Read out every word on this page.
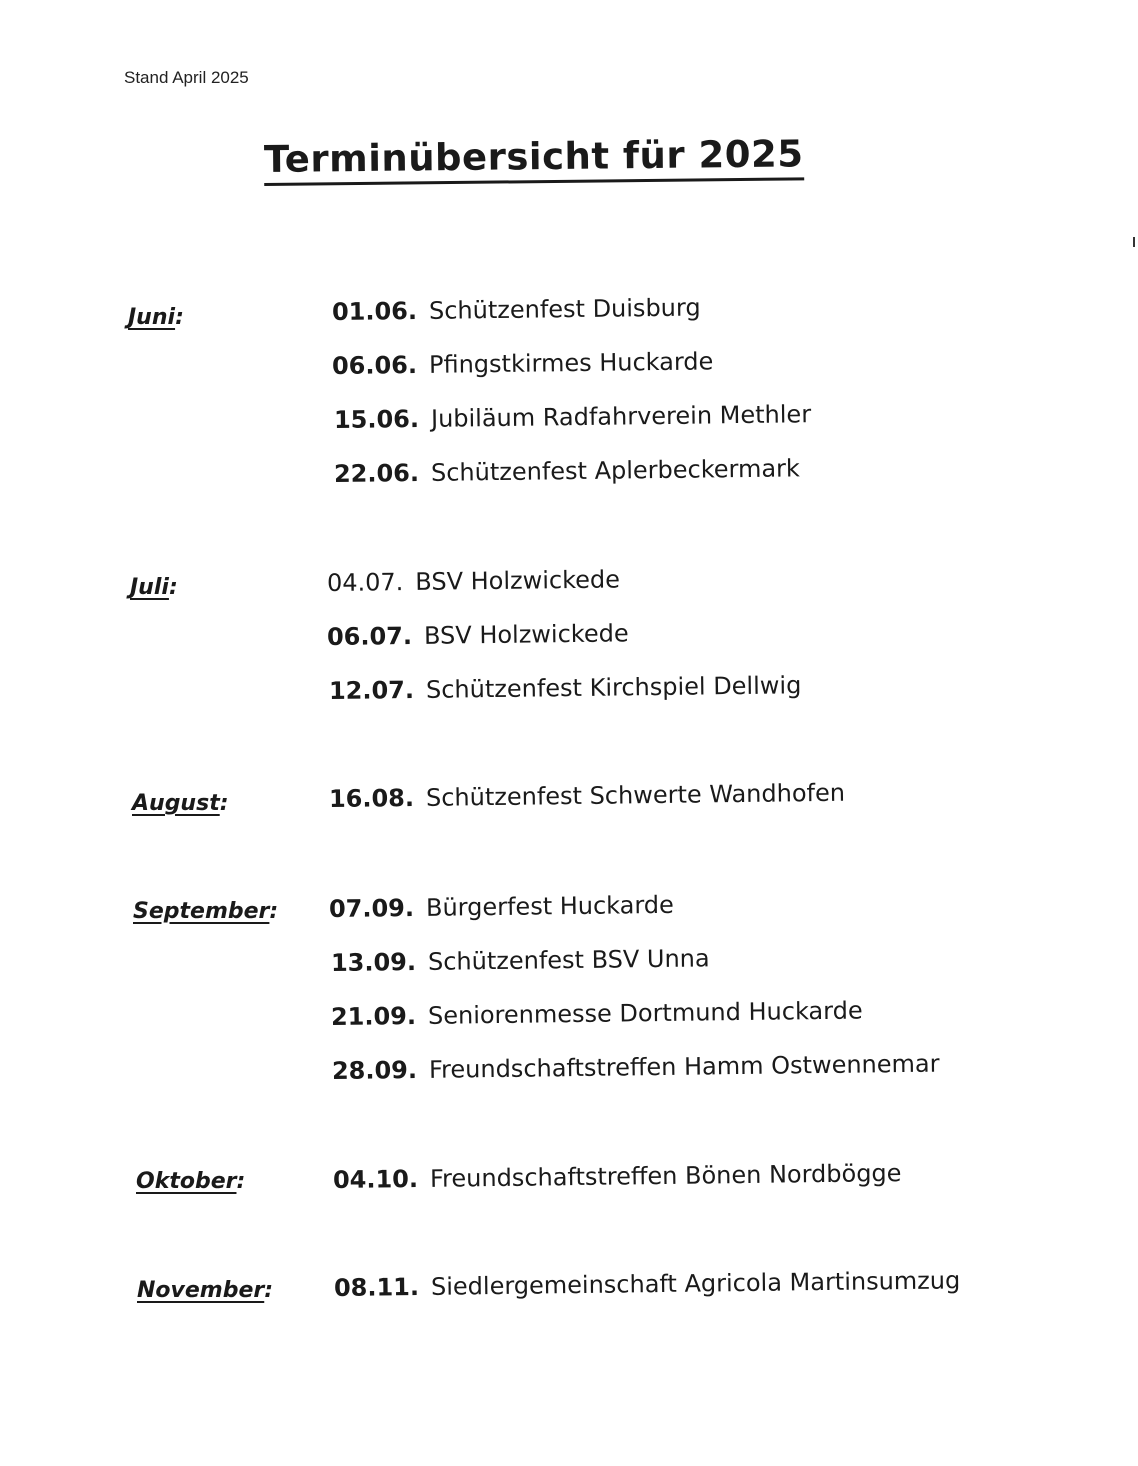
Stand April 2025
Terminübersicht für 2025
Juni:	01.06. Schützenfest Duisburg
06.06. Pfingstkirmes Huckarde
15.06. Jubiläum Radfahrverein Methler
22.06. Schützenfest Aplerbeckermark
Juli:	04.07. BSV Holzwickede
06.07. BSV Holzwickede
12.07. Schützenfest Kirchspiel Dellwig
August:	16.08. Schützenfest Schwerte Wandhofen
September: 07.09. Bürgerfest Huckarde
13.09. Schützenfest BSV Unna
21.09. Seniorenmesse Dortmund Huckarde
28.09. Freundschaftstreffen Hamm Ostwennemar
Oktober:	04.10. Freundschaftstreffen Bönen Nordbögge
November:	08.11. Siedlergemeinschaft Agricola Martinsumzug
